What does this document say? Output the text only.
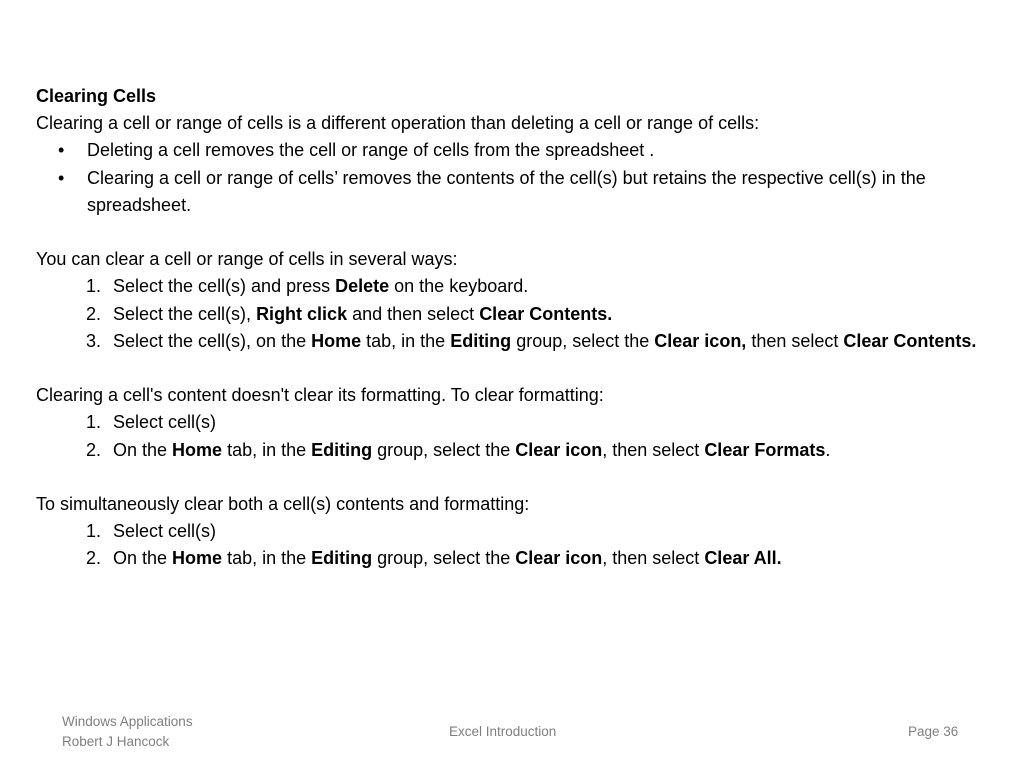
Clearing Cells

Clearing a cell or range of cells is a different operation than deleting a cell or range of cells:

• Deleting a cell removes the cell or range of cells from the spreadsheet .
• Clearing a cell or range of cells’ removes the contents of the cell(s) but retains the respective cell(s) in the spreadsheet.

You can clear a cell or range of cells in several ways:

1. Select the cell(s) and press Delete on the keyboard.
2. Select the cell(s), Right click and then select Clear Contents.
3. Select the cell(s), on the Home tab, in the Editing group, select the Clear icon, then select Clear Contents.

Clearing a cell's content doesn't clear its formatting. To clear formatting:

1. Select cell(s)
2. On the Home tab, in the Editing group, select the Clear icon, then select Clear Formats.

To simultaneously clear both a cell(s) contents and formatting:

1. Select cell(s)
2. On the Home tab, in the Editing group, select the Clear icon, then select Clear All.
Windows Applications
Robert J Hancock
Excel Introduction	Page 36
